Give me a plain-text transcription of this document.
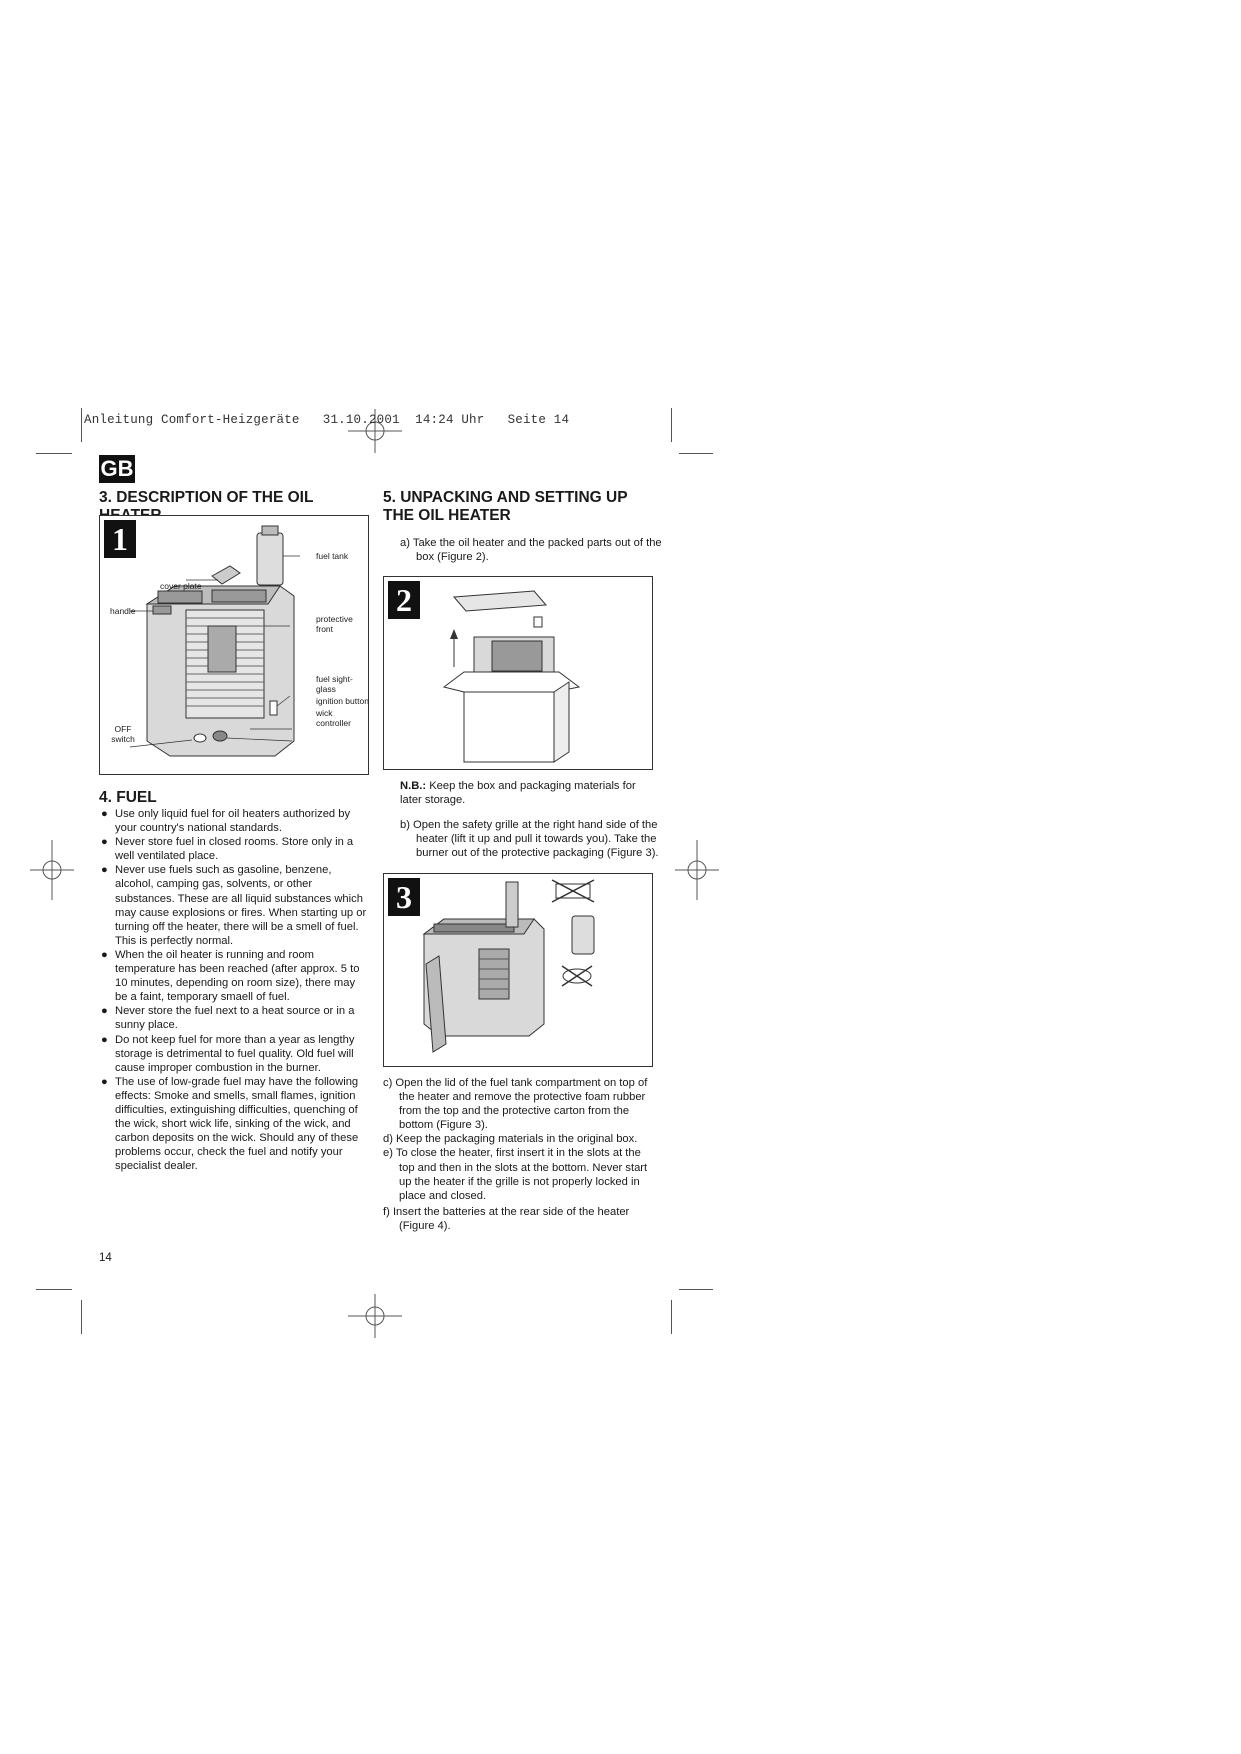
Anleitung Comfort-Heizgeräte   31.10.2001  14:24 Uhr   Seite 14
GB
3. DESCRIPTION OF THE OIL
1	fuel tank
cover plate
protective front
handle
fuel sight-glass
ignition button
wick controller
OFF switch
4. FUEL
● Use only liquid fuel for oil heaters authorized by your country's national standards.
● Never store fuel in closed rooms. Store only in a well ventilated place.
● Never use fuels such as gasoline, benzene, alcohol, camping gas, solvents, or other substances. These are all liquid substances which may cause explosions or fires. When starting up or turning off the heater, there will be a smell of fuel. This is perfectly normal.
● When the oil heater is running and room temperature has been reached (after approx. 5 to 10 minutes, depending on room size), there may be a faint, temporary smaell of fuel.
● Never store the fuel next to a heat source or in a sunny place.
● Do not keep fuel for more than a year as lengthy storage is detrimental to fuel quality. Old fuel will cause improper combustion in the burner.
● The use of low-grade fuel may have the following effects: Smoke and smells, small flames, ignition difficulties, extinguishing difficulties, quenching of the wick, short wick life, sinking of the wick, and carbon deposits on the wick. Should any of these problems occur, check the fuel and notify your specialist dealer.
5. UNPACKING AND SETTING UP THE OIL HEATER
a) Take the oil heater and the packed parts out of the box (Figure 2).
2
N.B.: Keep the box and packaging materials for later storage.
b) Open the safety grille at the right hand side of the heater (lift it up and pull it towards you). Take the burner out of the protective packaging (Figure 3).
3
c) Open the lid of the fuel tank compartment on top of the heater and remove the protective foam rubber from the top and the protective carton from the bottom (Figure 3).
d) Keep the packaging materials in the original box.
e) To close the heater, first insert it in the slots at the top and then in the slots at the bottom. Never start up the heater if the grille is not properly locked in place and closed.
f) Insert the batteries at the rear side of the heater (Figure 4).
14
